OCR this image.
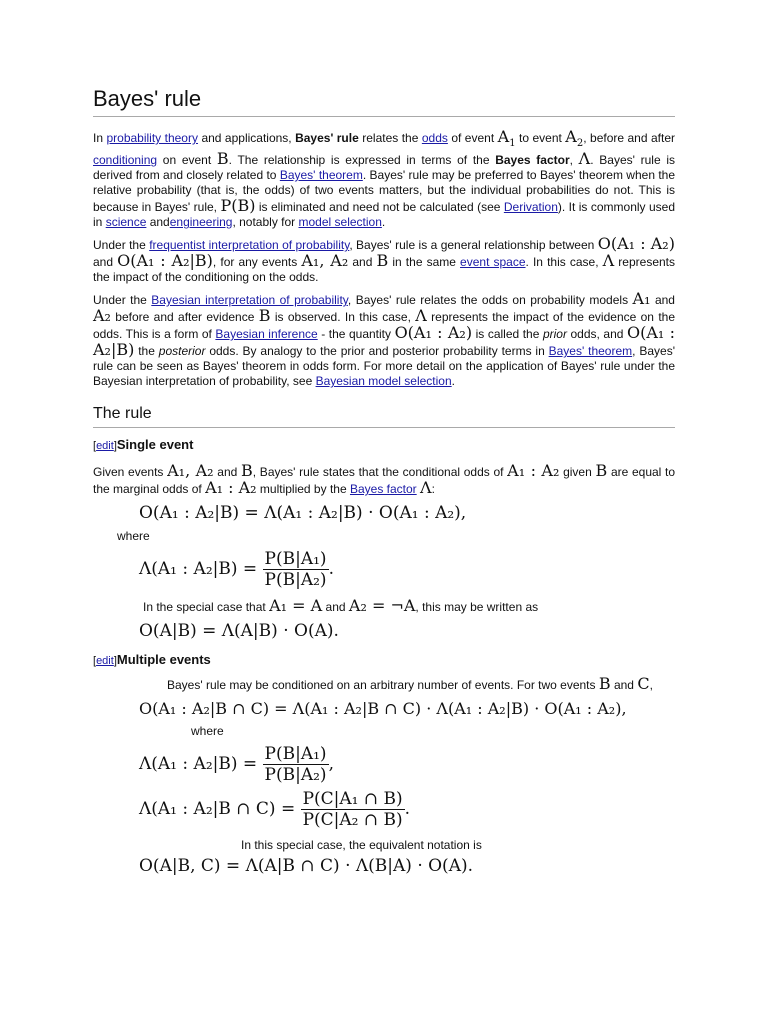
Bayes' rule

In probability theory and applications, Bayes' rule relates the odds of event $A_1$ to event $A_2$, before and after conditioning on event B. The relationship is expressed in terms of the Bayes factor, Λ. Bayes' rule is derived from and closely related to Bayes' theorem. Bayes' rule may be preferred to Bayes' theorem when the relative probability (that is, the odds) of two events matters, but the individual probabilities do not. This is because in Bayes' rule, P(B) is eliminated and need not be calculated (see Derivation). It is commonly used in science andengineering, notably for model selection.

Under the frequentist interpretation of probability, Bayes' rule is a general relationship between O(A₁ : A₂) and O(A₁ : A₂|B), for any events A₁, A₂ and B in the same event space. In this case, Λ represents the impact of the conditioning on the odds.

Under the Bayesian interpretation of probability, Bayes' rule relates the odds on probability models A₁ and A₂ before and after evidence B is observed. In this case, Λ represents the impact of the evidence on the odds. This is a form of Bayesian inference - the quantity O(A₁ : A₂) is called the prior odds, and O(A₁ : A₂|B) the posterior odds. By analogy to the prior and posterior probability terms in Bayes' theorem, Bayes' rule can be seen as Bayes' theorem in odds form. For more detail on the application of Bayes' rule under the Bayesian interpretation of probability, see Bayesian model selection.

The rule
[edit]Single event

Given events A₁, A₂ and B, Bayes' rule states that the conditional odds of A₁ : A₂ given B are equal to the marginal odds of A₁ : A₂ multiplied by the Bayes factor Λ:

O(A₁ : A₂|B) = Λ(A₁ : A₂|B) · O(A₁ : A₂),
where
Λ(A₁ : $A_2|B) = \frac{\text{P(B|A₁)}}{\text{P(B|A₂)}}$ .

In the special case that A₁ = A and A₂ = ¬A, this may be written as

O(A|B) = Λ(A|B) · O(A).
[edit]Multiple events

Bayes' rule may be conditioned on an arbitrary number of events. For two events B and C,

O(A₁ : A₂|B ∩ C) = Λ(A₁ : A₂|B ∩ C) · Λ(A₁ : A₂|B) · O(A₁ : A₂),
where
Λ(A₁ : $A_2|B) = \frac{\text{P(B|A₁)}}{\text{P(B|A₂)}}$ ,
Λ(A₁ : A₂|B ∩ $C) = \frac{\text{P(C|A₁ ∩ B)}}{\text{P(C|A₂ ∩ B)}}$ .
In this special case, the equivalent notation is
O(A|B, C) = Λ(A|B ∩ C) · Λ(B|A) · O(A).
